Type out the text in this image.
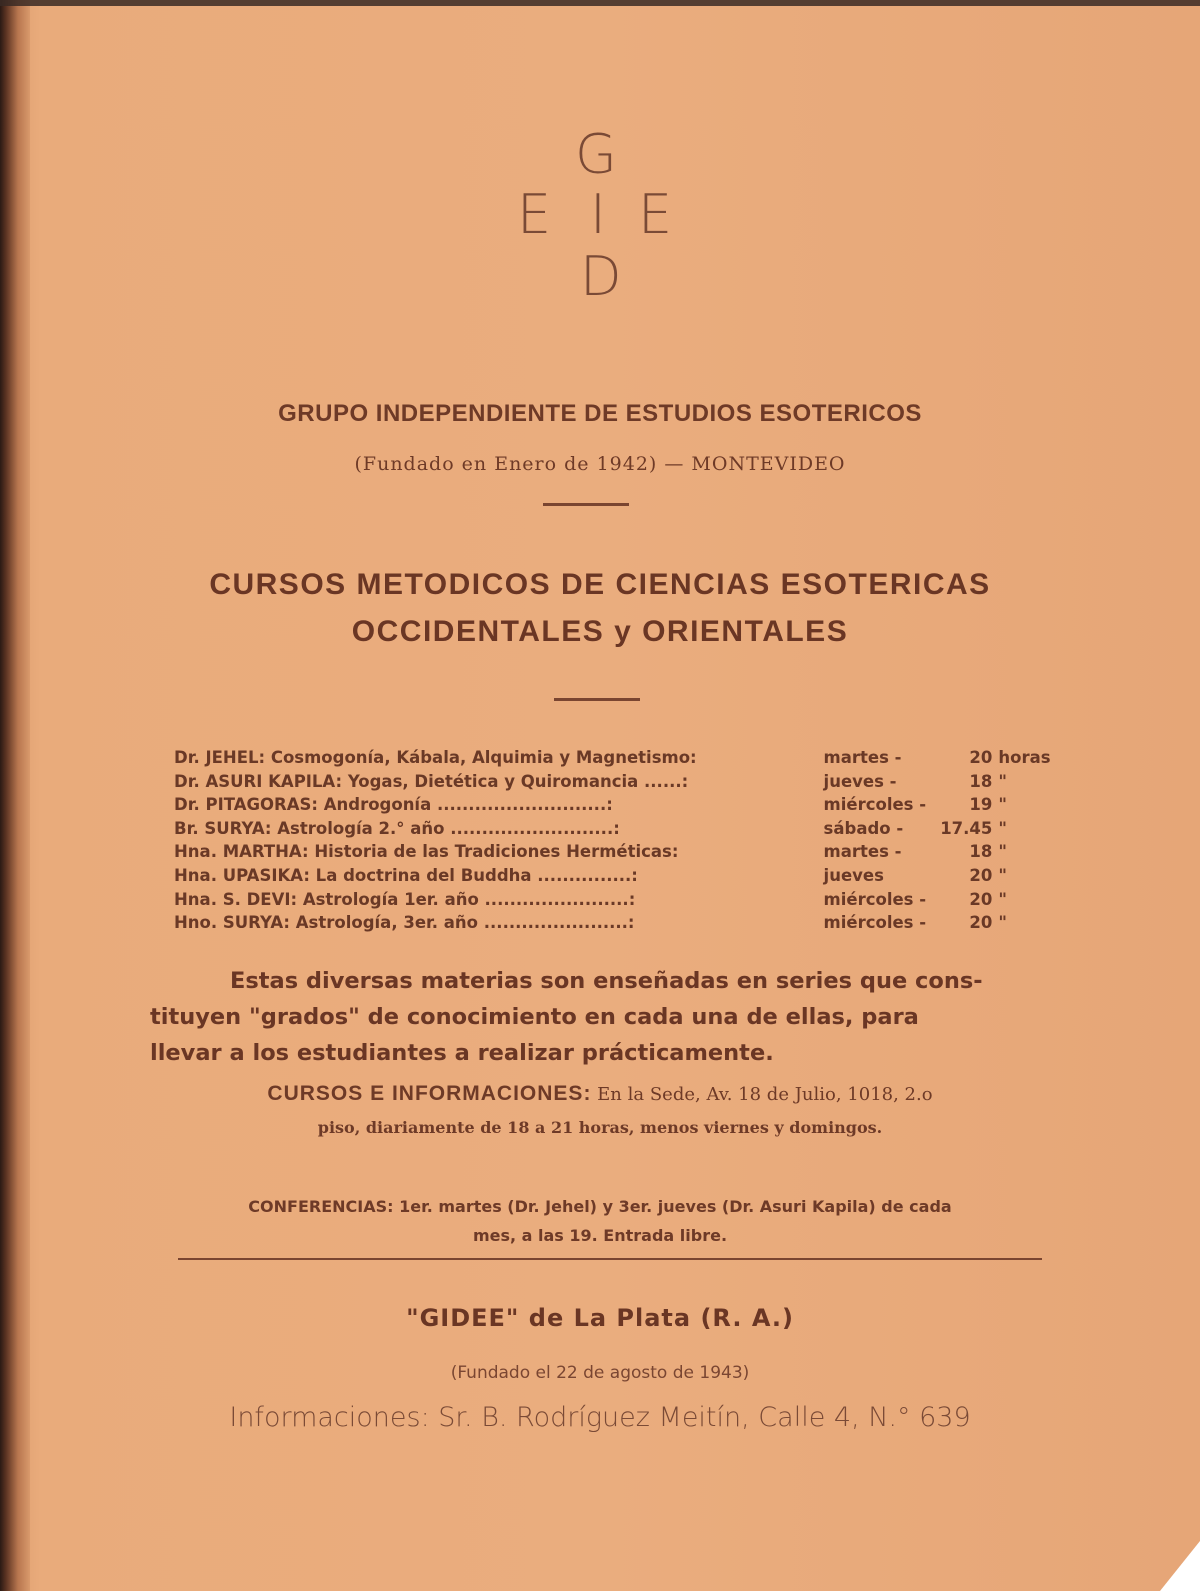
G
E I E
D
GRUPO INDEPENDIENTE DE ESTUDIOS ESOTERICOS
(Fundado en Enero de 1942) — MONTEVIDEO
CURSOS METODICOS DE CIENCIAS ESOTERICAS
OCCIDENTALES y ORIENTALES
Dr. JEHEL: Cosmogonía, Kábala, Alquimia y Magnetismo:	martes -	20 horas
Dr. ASURI KAPILA: Yogas, Dietética y Quiromancia ......:	jueves -	18 "
Dr. PITAGORAS: Androgonía ...........................:	miércoles -	19 "
Br. SURYA: Astrología 2.° año ..........................:	sábado -	17.45 "
Hna. MARTHA: Historia de las Tradiciones Herméticas:	martes -	18 "
Hna. UPASIKA: La doctrina del Buddha ...............:	jueves	20 "
Hna. S. DEVI: Astrología 1er. año .......................:	miércoles -	20 "
Hno. SURYA: Astrología, 3er. año .......................:	miércoles -	20 "

Estas diversas materias son enseñadas en series que cons-

tituyen "grados" de conocimiento en cada una de ellas, para

llevar a los estudiantes a realizar prácticamente.

CURSOS E INFORMACIONES: En la Sede, Av. 18 de Julio, 1018, 2.o
piso, diariamente de 18 a 21 horas, menos viernes y domingos.
CONFERENCIAS: 1er. martes (Dr. Jehel) y 3er. jueves (Dr. Asuri Kapila) de cada
mes, a las 19. Entrada libre.
"GIDEE" de La Plata (R. A.)
(Fundado el 22 de agosto de 1943)
Informaciones: Sr. B. Rodríguez Meitín, Calle 4, N.° 639
